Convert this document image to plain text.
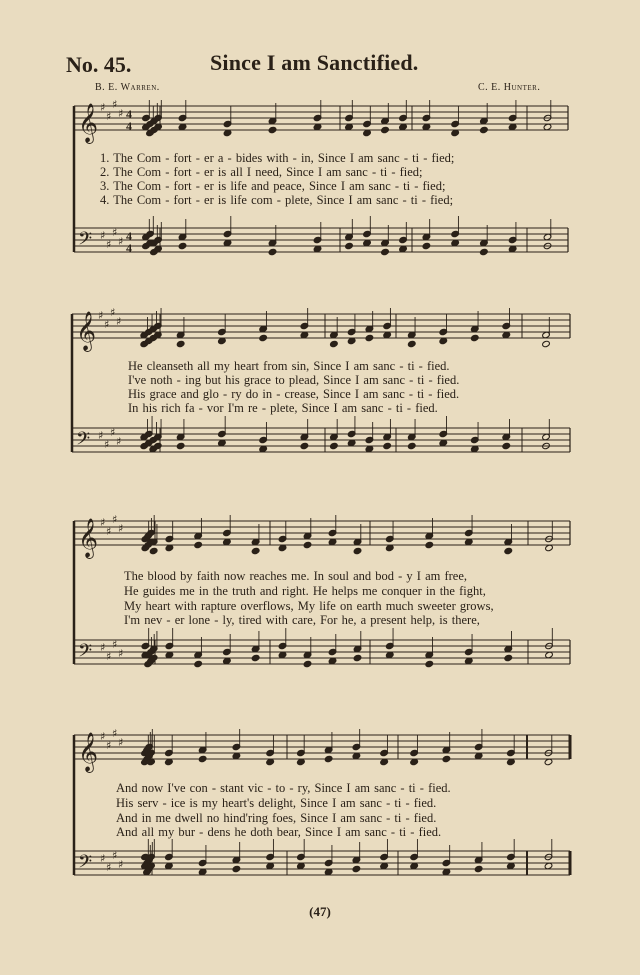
No. 45.	Since I am Sanctified.
B. E. Warren.	C. E. Hunter.
𝄞 ♯
♯
♯
♯ 4
4
𝄢 ♯
♯
♯
♯ 4
4
𝄞 ♯
♯
♯
♯
𝄢 ♯
♯
♯
♯
𝄞 ♯
♯
♯
♯
𝄢 ♯
♯
♯
♯
𝄞 ♯
♯
♯
♯
𝄢 ♯
♯
♯
♯
1. The Com - fort - er a - bides with - in, Since I am sanc - ti - fied;
2. The Com - fort - er is all I need, Since I am sanc - ti - fied;
3. The Com - fort - er is life and peace, Since I am sanc - ti - fied;
4. The Com - fort - er is life com - plete, Since I am sanc - ti - fied;
He cleanseth all my heart from sin, Since I am sanc - ti - fied.
I've noth - ing but his grace to plead, Since I am sanc - ti - fied.
His grace and glo - ry do in - crease, Since I am sanc - ti - fied.
In his rich fa - vor I'm re - plete, Since I am sanc - ti - fied.
The blood by faith now reaches me. In soul and bod - y I am free,
He guides me in the truth and right. He helps me conquer in the fight,
My heart with rapture overflows, My life on earth much sweeter grows,
I'm nev - er lone - ly, tired with care, For he, a present help, is there,
And now I've con - stant vic - to - ry, Since I am sanc - ti - fied.
His serv - ice is my heart's delight, Since I am sanc - ti - fied.
And in me dwell no hind'ring foes, Since I am sanc - ti - fied.
And all my bur - dens he doth bear, Since I am sanc - ti - fied.
(47)
